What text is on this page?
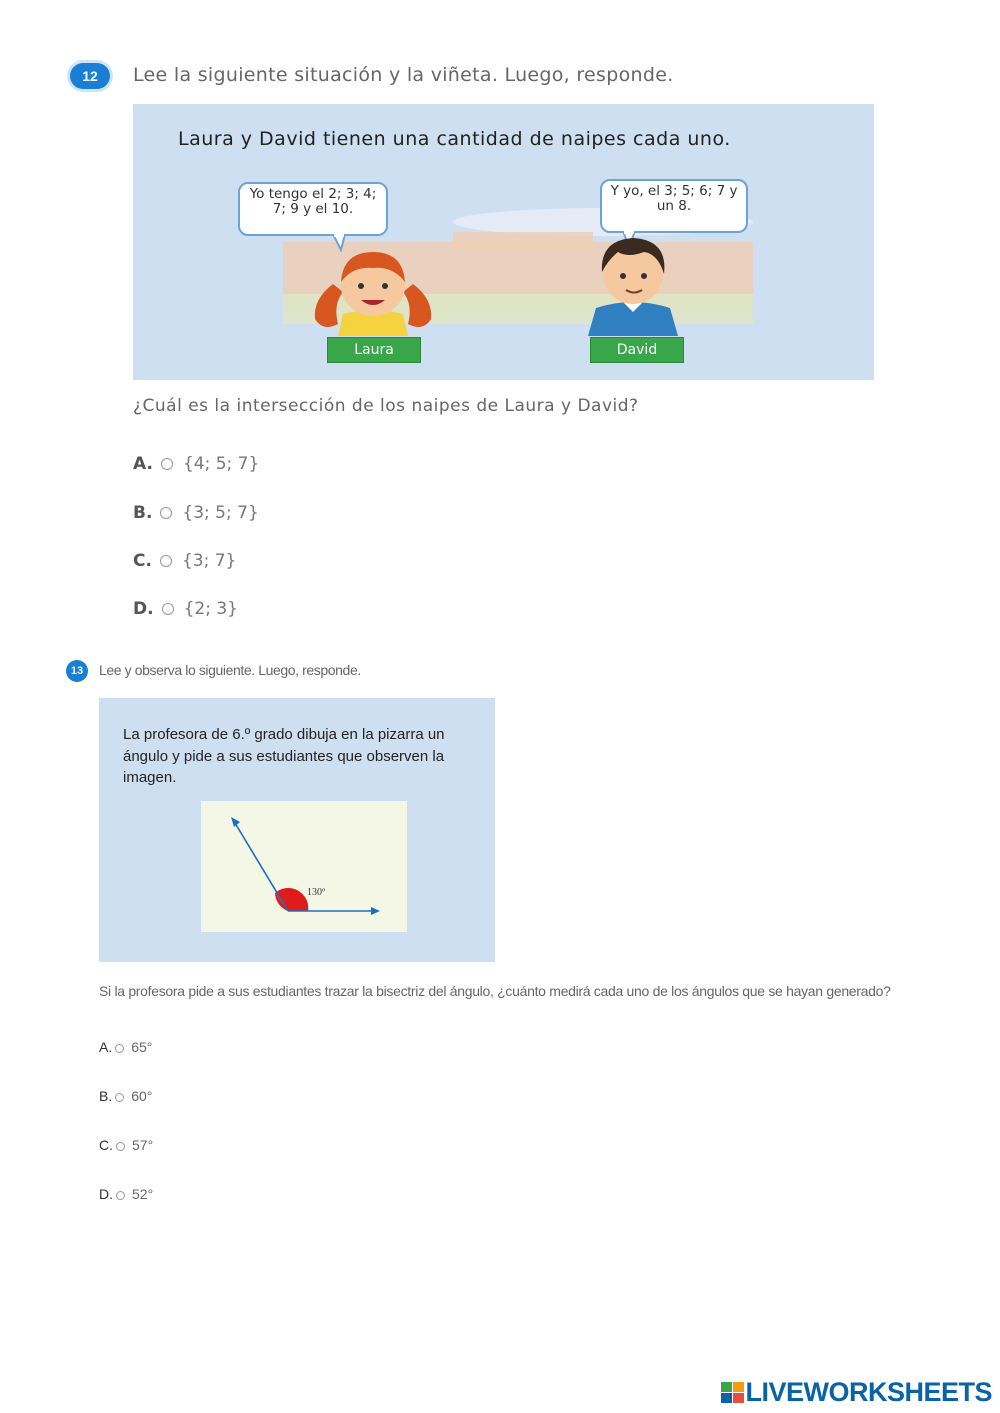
12	Lee la siguiente situación y la viñeta. Luego, responde.
Laura y David tienen una cantidad de naipes cada uno.
Yo tengo el 2; 3; 4; 7; 9 y el 10.
Y yo, el 3; 5; 6; 7 y un 8.
Laura	David
¿Cuál es la intersección de los naipes de Laura y David?
A. {4; 5; 7}
B. {3; 5; 7}
C. {3; 7}
D. {2; 3}
13	Lee y observa lo siguiente. Luego, responde.
La profesora de 6.º grado dibuja en la pizarra un ángulo y pide a sus estudiantes que observen la imagen.
130º
Si la profesora pide a sus estudiantes trazar la bisectriz del ángulo, ¿cuánto medirá cada uno de los ángulos que se hayan generado?
A. 65°
B. 60°
C. 57°
D. 52°
LIVEWORKSHEETS
